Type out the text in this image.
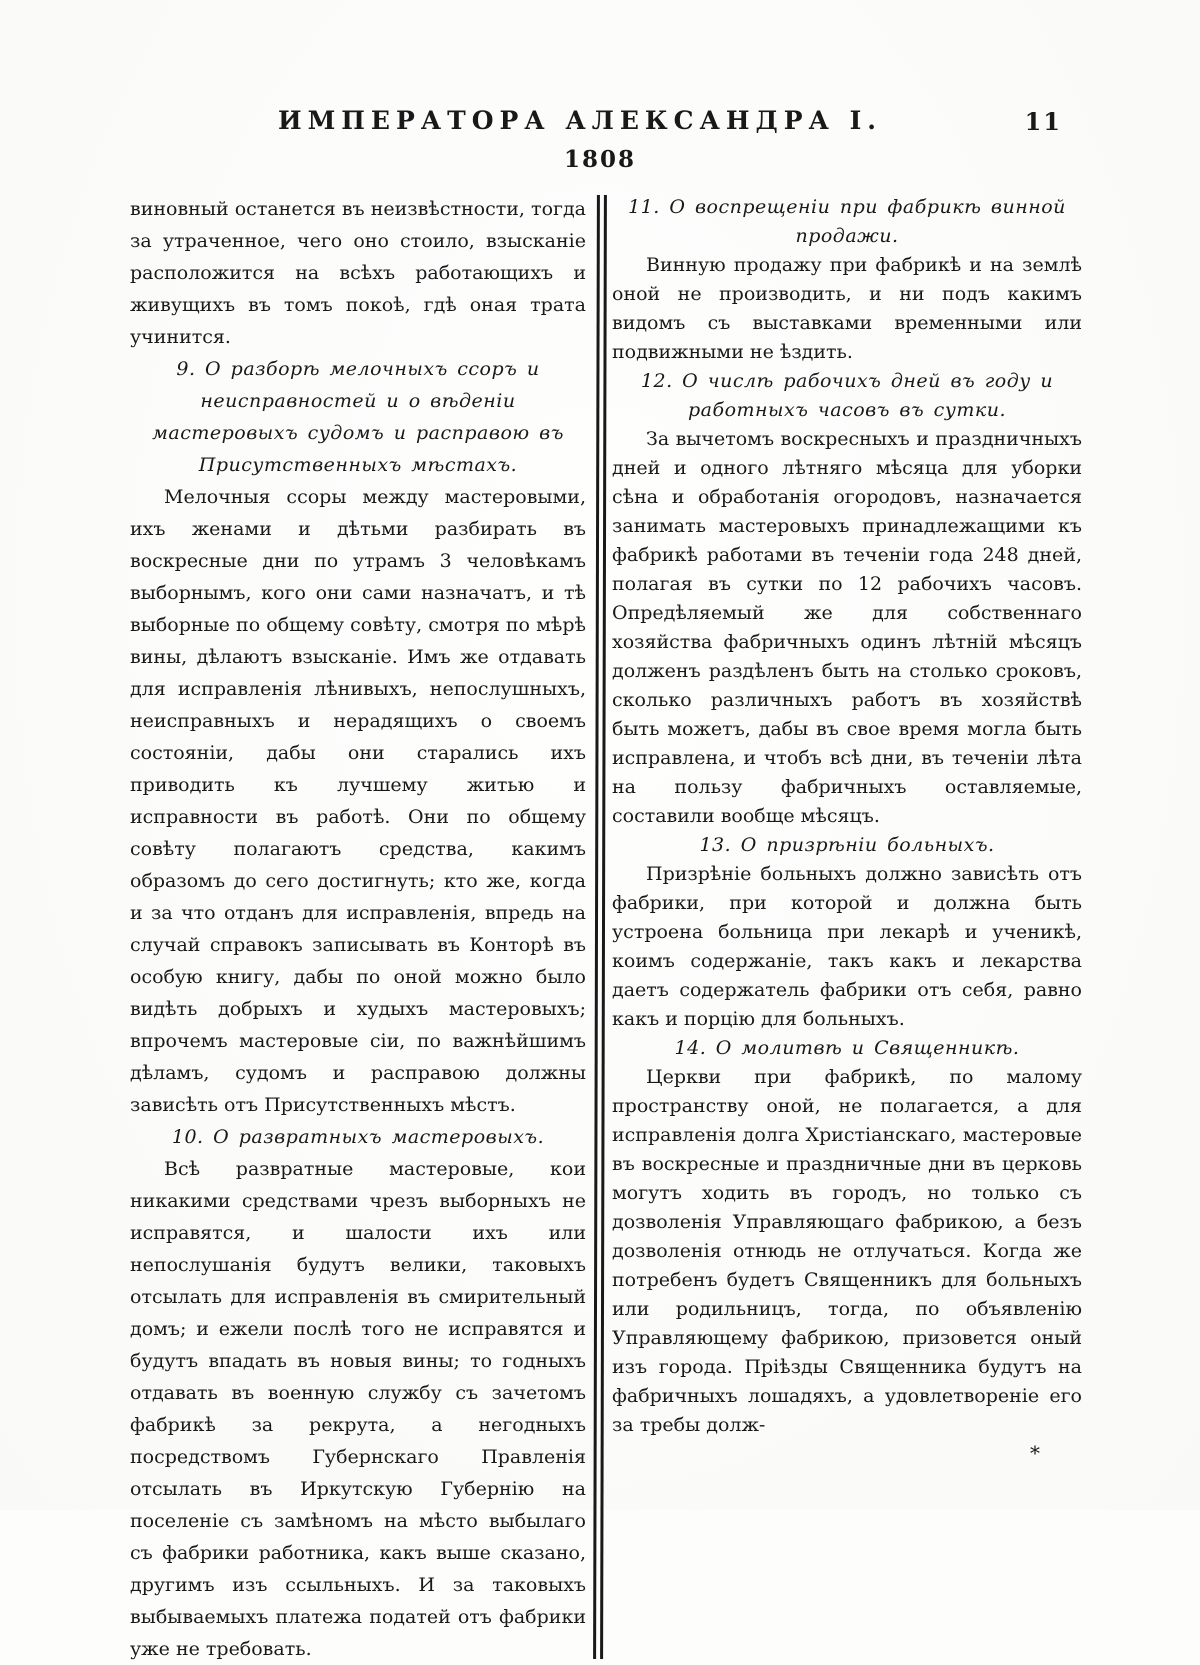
ИМПЕРАТОРА АЛЕКСАНДРА I.	11
1808

виновный останется въ неизвѣстности, тогда за утраченное, чего оно стоило, взысканіе расположится на всѣхъ работающихъ и живущихъ въ томъ покоѣ, гдѣ оная трата учинится.

9. О разборѣ мелочныхъ ссоръ и неисправностей и о вѣденіи мастеровыхъ судомъ и расправою въ Присутственныхъ мѣстахъ.

Мелочныя ссоры между мастеровыми, ихъ женами и дѣтьми разбирать въ воскресные дни по утрамъ 3 человѣкамъ выборнымъ, кого они сами назначатъ, и тѣ выборные по общему совѣту, смотря по мѣрѣ вины, дѣлаютъ взысканіе. Имъ же отдавать для исправленія лѣнивыхъ, непослушныхъ, неисправныхъ и нерадящихъ о своемъ состояніи, дабы они старались ихъ приводить къ лучшему житью и исправности въ работѣ. Они по общему совѣту полагаютъ средства, какимъ образомъ до сего достигнуть; кто же, когда и за что отданъ для исправленія, впредь на случай справокъ записывать въ Конторѣ въ особую книгу, дабы по оной можно было видѣть добрыхъ и худыхъ мастеровыхъ; впрочемъ мастеровые сіи, по важнѣйшимъ дѣламъ, судомъ и расправою должны зависѣть отъ Присутственныхъ мѣстъ.

10. О развратныхъ мастеровыхъ.

Всѣ развратные мастеровые, кои никакими средствами чрезъ выборныхъ не исправятся, и шалости ихъ или непослушанія будутъ велики, таковыхъ отсылать для исправленія въ смирительный домъ; и ежели послѣ того не исправятся и будутъ впадать въ новыя вины; то годныхъ отдавать въ военную службу съ зачетомъ фабрикѣ за рекрута, а негодныхъ посредствомъ Губернскаго Правленія отсылать въ Иркутскую Губернію на поселеніе съ замѣномъ на мѣсто выбылаго съ фабрики работника, какъ выше сказано, другимъ изъ ссыльныхъ. И за таковыхъ выбываемыхъ платежа податей отъ фабрики уже не требовать.

11. О воспрещеніи при фабрикѣ винной продажи.

Винную продажу при фабрикѣ и на землѣ оной не производить, и ни подъ какимъ видомъ съ выставками временными или подвижными не ѣздить.

12. О числѣ рабочихъ дней въ году и работныхъ часовъ въ сутки.

За вычетомъ воскресныхъ и праздничныхъ дней и одного лѣтняго мѣсяца для уборки сѣна и обработанія огородовъ, назначается занимать мастеровыхъ принадлежащими къ фабрикѣ работами въ теченіи года 248 дней, полагая въ сутки по 12 рабочихъ часовъ. Опредѣляемый же для собственнаго хозяйства фабричныхъ одинъ лѣтній мѣсяцъ долженъ раздѣленъ быть на столько сроковъ, сколько различныхъ работъ въ хозяйствѣ быть можетъ, дабы въ свое время могла быть исправлена, и чтобъ всѣ дни, въ теченіи лѣта на пользу фабричныхъ оставляемые, составили вообще мѣсяцъ.

13. О призрѣніи больныхъ.

Призрѣніе больныхъ должно зависѣть отъ фабрики, при которой и должна быть устроена больница при лекарѣ и ученикѣ, коимъ содержаніе, такъ какъ и лекарства даетъ содержатель фабрики отъ себя, равно какъ и порцію для больныхъ.

14. О молитвѣ и Священникѣ.

Церкви при фабрикѣ, по малому пространству оной, не полагается, а для исправленія долга Христіанскаго, мастеровые въ воскресные и праздничные дни въ церковь могутъ ходить въ городъ, но только съ дозволенія Управляющаго фабрикою, а безъ дозволенія отнюдь не отлучаться. Когда же потребенъ будетъ Священникъ для больныхъ или родильницъ, тогда, по объявленію Управляющему фабрикою, призовется оный изъ города. Пріѣзды Священника будутъ на фабричныхъ лошадяхъ, а удовлетвореніе его за требы долж-

*
